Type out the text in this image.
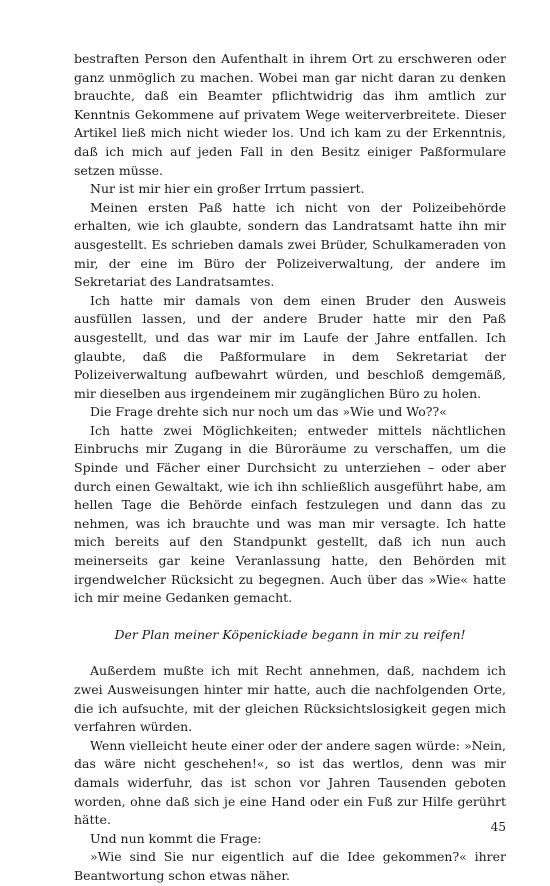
bestraften Person den Aufenthalt in ihrem Ort zu erschweren oder ganz unmöglich zu machen. Wobei man gar nicht daran zu denken brauchte, daß ein Beamter pflichtwidrig das ihm amtlich zur Kenntnis Gekommene auf privatem Wege weiterverbreitete. Dieser Artikel ließ mich nicht wieder los. Und ich kam zu der Erkenntnis, daß ich mich auf jeden Fall in den Besitz einiger Paßformulare setzen müsse.

Nur ist mir hier ein großer Irrtum passiert.

Meinen ersten Paß hatte ich nicht von der Polizeibehörde erhalten, wie ich glaubte, sondern das Landratsamt hatte ihn mir ausgestellt. Es schrieben damals zwei Brüder, Schulkameraden von mir, der eine im Büro der Polizeiverwaltung, der andere im Sekretariat des Landratsamtes.

Ich hatte mir damals von dem einen Bruder den Ausweis ausfüllen lassen, und der andere Bruder hatte mir den Paß ausgestellt, und das war mir im Laufe der Jahre entfallen. Ich glaubte, daß die Paßformulare in dem Sekretariat der Polizeiverwaltung aufbewahrt würden, und beschloß demgemäß, mir dieselben aus irgendeinem mir zugänglichen Büro zu holen.

Die Frage drehte sich nur noch um das »Wie und Wo??«

Ich hatte zwei Möglichkeiten; entweder mittels nächtlichen Einbruchs mir Zugang in die Büroräume zu verschaffen, um die Spinde und Fächer einer Durchsicht zu unterziehen – oder aber durch einen Gewaltakt, wie ich ihn schließlich ausgeführt habe, am hellen Tage die Behörde einfach festzulegen und dann das zu nehmen, was ich brauchte und was man mir versagte. Ich hatte mich bereits auf den Standpunkt gestellt, daß ich nun auch meinerseits gar keine Veranlassung hatte, den Behörden mit irgendwelcher Rücksicht zu begegnen. Auch über das »Wie« hatte ich mir meine Gedanken gemacht.

Der Plan meiner Köpenickiade begann in mir zu reifen!

Außerdem mußte ich mit Recht annehmen, daß, nachdem ich zwei Ausweisungen hinter mir hatte, auch die nachfolgenden Orte, die ich aufsuchte, mit der gleichen Rücksichtslosigkeit gegen mich verfahren würden.

Wenn vielleicht heute einer oder der andere sagen würde: »Nein, das wäre nicht geschehen!«, so ist das wertlos, denn was mir damals widerfuhr, das ist schon vor Jahren Tausenden geboten worden, ohne daß sich je eine Hand oder ein Fuß zur Hilfe gerührt hätte.

Und nun kommt die Frage:

»Wie sind Sie nur eigentlich auf die Idee gekommen?« ihrer Beantwortung schon etwas näher.

45
